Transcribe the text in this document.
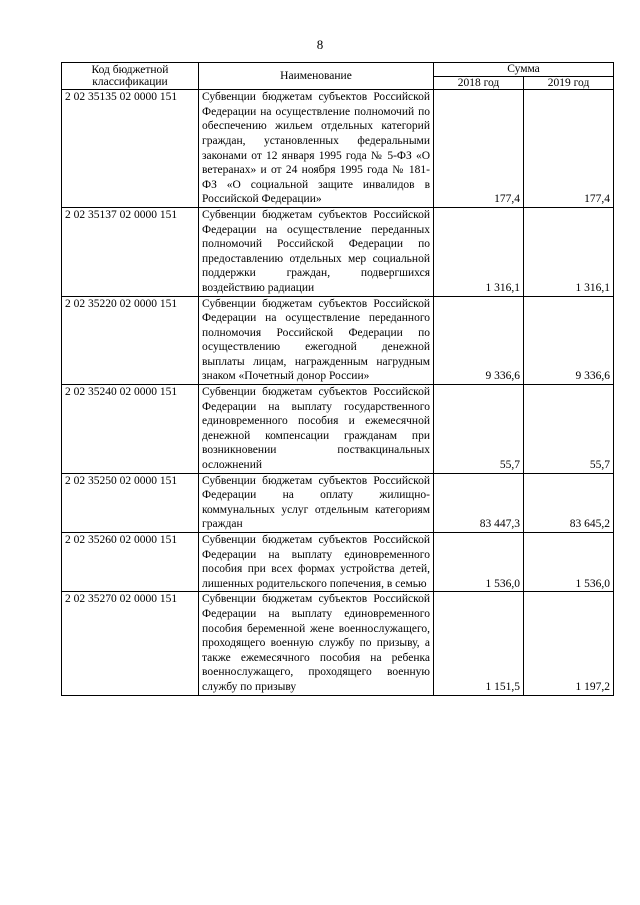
8
Код бюджетной классификации	Наименование	Сумма	
		2018 год	2019 год
2 02 35135 02 0000 151	Субвенции бюджетам субъектов Российской Федерации на осуществление полномочий по обеспечению жильем отдельных категорий граждан, установленных федеральными законами от 12 января 1995 года № 5-ФЗ «О ветеранах» и от 24 ноября 1995 года № 181-ФЗ «О социальной защите инвалидов в Российской Федерации»	177,4	177,4
2 02 35137 02 0000 151	Субвенции бюджетам субъектов Российской Федерации на осуществление переданных полномочий Российской Федерации по предоставлению отдельных мер социальной поддержки граждан, подвергшихся воздействию радиации	1 316,1	1 316,1
2 02 35220 02 0000 151	Субвенции бюджетам субъектов Российской Федерации на осуществление переданного полномочия Российской Федерации по осуществлению ежегодной денежной выплаты лицам, награжденным нагрудным знаком «Почетный донор России»	9 336,6	9 336,6
2 02 35240 02 0000 151	Субвенции бюджетам субъектов Российской Федерации на выплату государственного единовременного пособия и ежемесячной денежной компенсации гражданам при возникновении поствакцинальных осложнений	55,7	55,7
2 02 35250 02 0000 151	Субвенции бюджетам субъектов Российской Федерации на оплату жилищно-коммунальных услуг отдельным категориям граждан	83 447,3	83 645,2
2 02 35260 02 0000 151	Субвенции бюджетам субъектов Российской Федерации на выплату единовременного пособия при всех формах устройства детей, лишенных родительского попечения, в семью	1 536,0	1 536,0
2 02 35270 02 0000 151	Субвенции бюджетам субъектов Российской Федерации на выплату единовременного пособия беременной жене военнослужащего, проходящего военную службу по призыву, а также ежемесячного пособия на ребенка военнослужащего, проходящего военную службу по призыву	1 151,5	1 197,2
